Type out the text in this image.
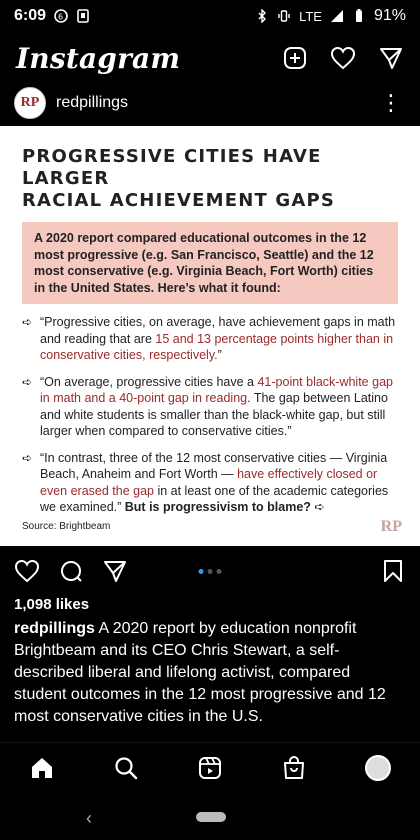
6:09 6	LTE	91%
Instagram
RP	redpillings	⋮
PROGRESSIVE CITIES HAVE LARGER
RACIAL ACHIEVEMENT GAPS
A 2020 report compared educational outcomes in the 12 most progressive (e.g. San Francisco, Seattle) and the 12 most conservative (e.g. Virginia Beach, Fort Worth) cities in the United States. Here’s what it found:
➪ “Progressive cities, on average, have achievement gaps in math and reading that are 15 and 13 percentage points higher than in conservative cities, respectively.”
➪ “On average, progressive cities have a 41-point black-white gap in math and a 40-point gap in reading. The gap between Latino and white students is smaller than the black-white gap, but still larger when compared to conservative cities.”
➪ “In contrast, three of the 12 most conservative cities — Virginia Beach, Anaheim and Fort Worth — have effectively closed or even erased the gap in at least one of the academic categories we examined.” But is progressivism to blame? ➪
Source: Brightbeam	RP
1,098 likes
redpillings A 2020 report by education nonprofit Brightbeam and its CEO Chris Stewart, a self-described liberal and lifelong activist, compared student outcomes in the 12 most progressive and 12 most conservative cities in the U.S.
‹
